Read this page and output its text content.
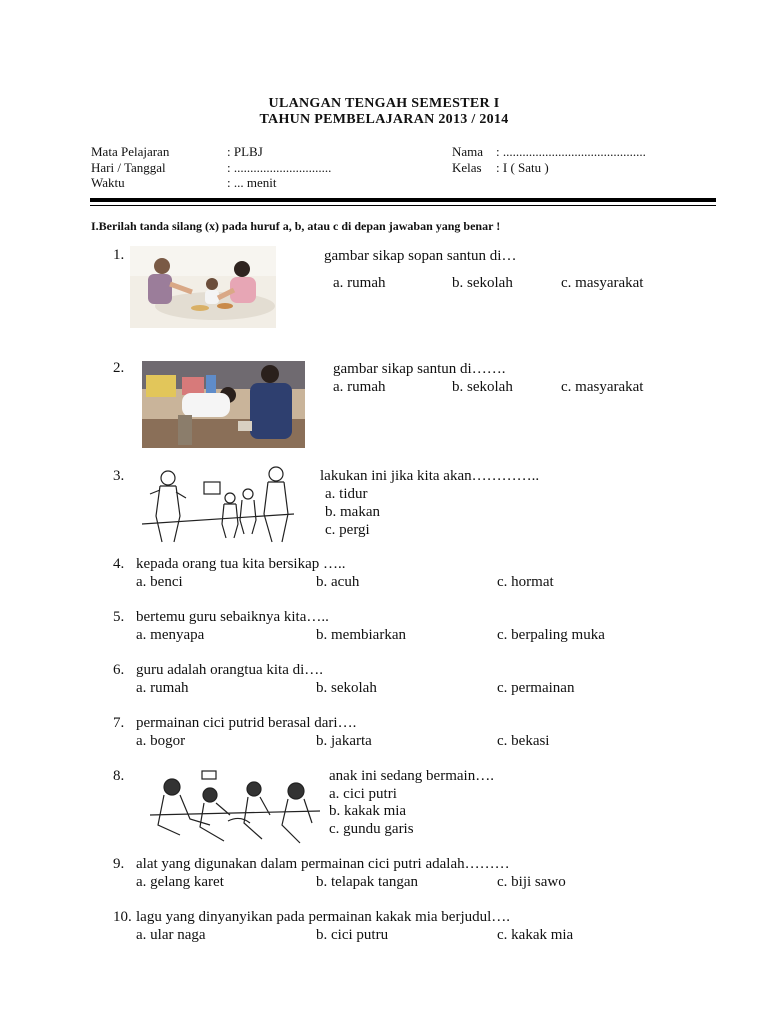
ULANGAN TENGAH SEMESTER I
TAHUN PEMBELAJARAN 2013 / 2014
Mata Pelajaran	: PLBJ
Hari / Tanggal	: ..............................
Waktu	: ... menit
Nama : ............................................
Kelas : I ( Satu )
I.Berilah tanda silang (x) pada huruf a, b, atau c di depan jawaban yang benar !
1.	gambar sikap sopan santun di…
a. rumah	b. sekolah	c. masyarakat
2.	gambar sikap santun di…….
a. rumah	b. sekolah	c. masyarakat
3.	lakukan ini jika kita akan…………..
a. tidur
b. makan
c. pergi
4. kepada orang tua kita bersikap …..
a. benci	b. acuh	c. hormat
5. bertemu guru sebaiknya kita…..
a. menyapa	b. membiarkan	c. berpaling muka
6. guru adalah orangtua kita di….
a. rumah	b. sekolah	c. permainan
7. permainan cici putrid berasal dari….
a. bogor	b. jakarta	c. bekasi
8.	anak ini sedang bermain….
a. cici putri
b. kakak mia
c. gundu garis
9. alat yang digunakan dalam permainan cici putri adalah………
a. gelang karet	b. telapak tangan	c. biji sawo
10. lagu yang dinyanyikan pada permainan kakak mia berjudul….
a. ular naga	b. cici putru	c. kakak mia
